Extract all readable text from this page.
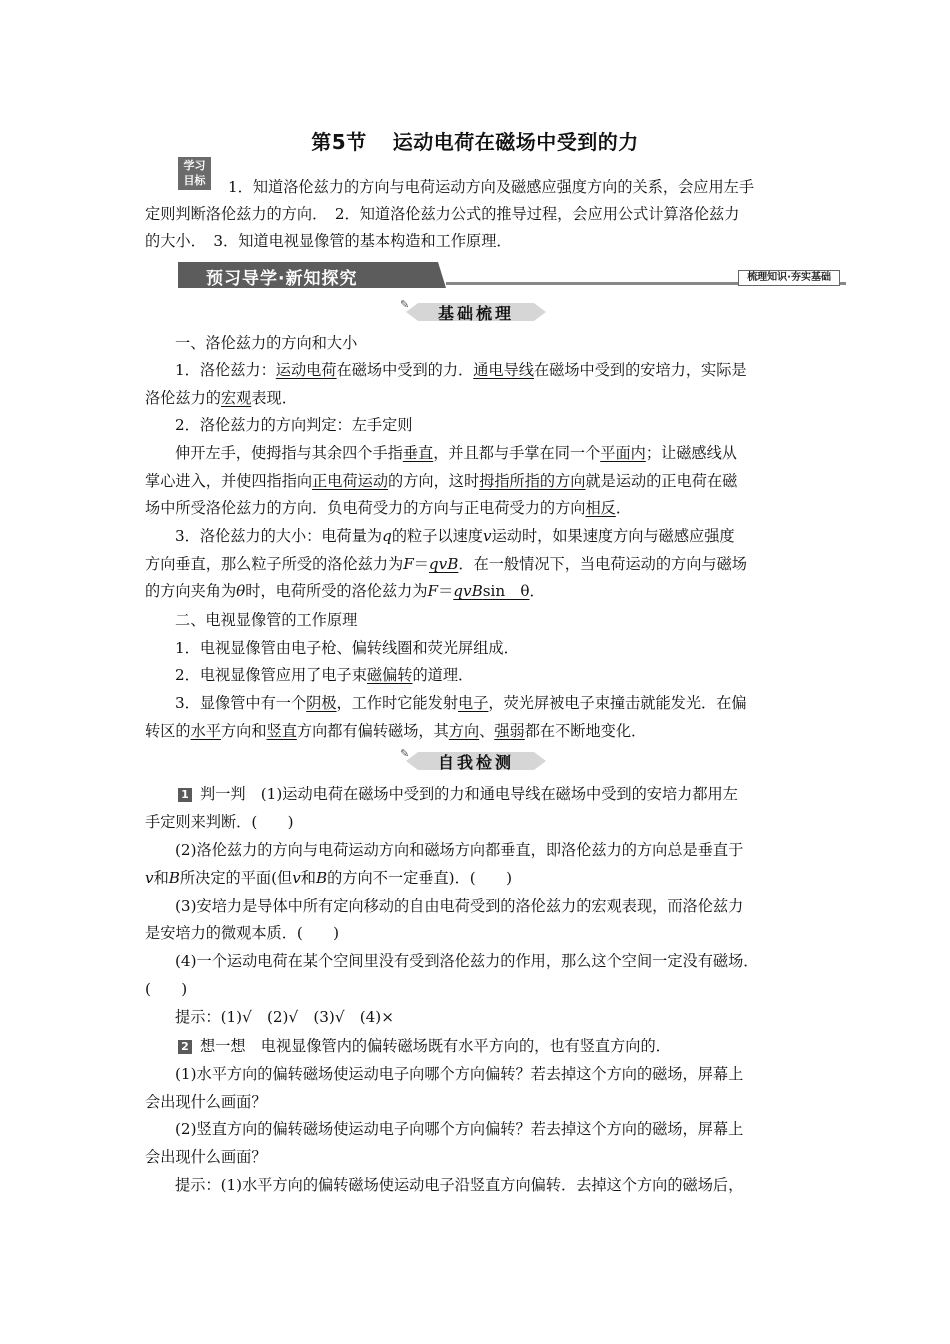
第5节 运动电荷在磁场中受到的力
学习
目标	1．知道洛伦兹力的方向与电荷运动方向及磁感应强度方向的关系，会应用左手
定则判断洛伦兹力的方向．　2．知道洛伦兹力公式的推导过程，会应用公式计算洛伦兹力
的大小．　3．知道电视显像管的基本构造和工作原理．
预习导学·新知探究	梳理知识·夯实基础
✎	基础梳理
一、洛伦兹力的方向和大小
1．洛伦兹力：运动电荷在磁场中受到的力．通电导线在磁场中受到的安培力，实际是
洛伦兹力的宏观表现．
2．洛伦兹力的方向判定：左手定则
伸开左手，使拇指与其余四个手指垂直，并且都与手掌在同一个平面内；让磁感线从
掌心进入，并使四指指向正电荷运动的方向，这时拇指所指的方向就是运动的正电荷在磁
场中所受洛伦兹力的方向．负电荷受力的方向与正电荷受力的方向相反．
3．洛伦兹力的大小：电荷量为q的粒子以速度v运动时，如果速度方向与磁感应强度
方向垂直，那么粒子所受的洛伦兹力为F＝qvB．在一般情况下，当电荷运动的方向与磁场
的方向夹角为θ时，电荷所受的洛伦兹力为F＝qvBsin　θ．
二、电视显像管的工作原理
1．电视显像管由电子枪、偏转线圈和荧光屏组成．
2．电视显像管应用了电子束磁偏转的道理．
3．显像管中有一个阴极，工作时它能发射电子，荧光屏被电子束撞击就能发光．在偏
转区的水平方向和竖直方向都有偏转磁场，其方向、强弱都在不断地变化．
✎	自我检测
1 判一判　(1)运动电荷在磁场中受到的力和通电导线在磁场中受到的安培力都用左
手定则来判断．(　　)
(2)洛伦兹力的方向与电荷运动方向和磁场方向都垂直，即洛伦兹力的方向总是垂直于
v和B所决定的平面(但v和B的方向不一定垂直)．(　　)
(3)安培力是导体中所有定向移动的自由电荷受到的洛伦兹力的宏观表现，而洛伦兹力
是安培力的微观本质．(　　)
(4)一个运动电荷在某个空间里没有受到洛伦兹力的作用，那么这个空间一定没有磁场．
(　　)
提示：(1)√　(2)√　(3)√　(4)×
2 想一想　电视显像管内的偏转磁场既有水平方向的，也有竖直方向的．
(1)水平方向的偏转磁场使运动电子向哪个方向偏转？若去掉这个方向的磁场，屏幕上
会出现什么画面？
(2)竖直方向的偏转磁场使运动电子向哪个方向偏转？若去掉这个方向的磁场，屏幕上
会出现什么画面？
提示：(1)水平方向的偏转磁场使运动电子沿竖直方向偏转．去掉这个方向的磁场后，
